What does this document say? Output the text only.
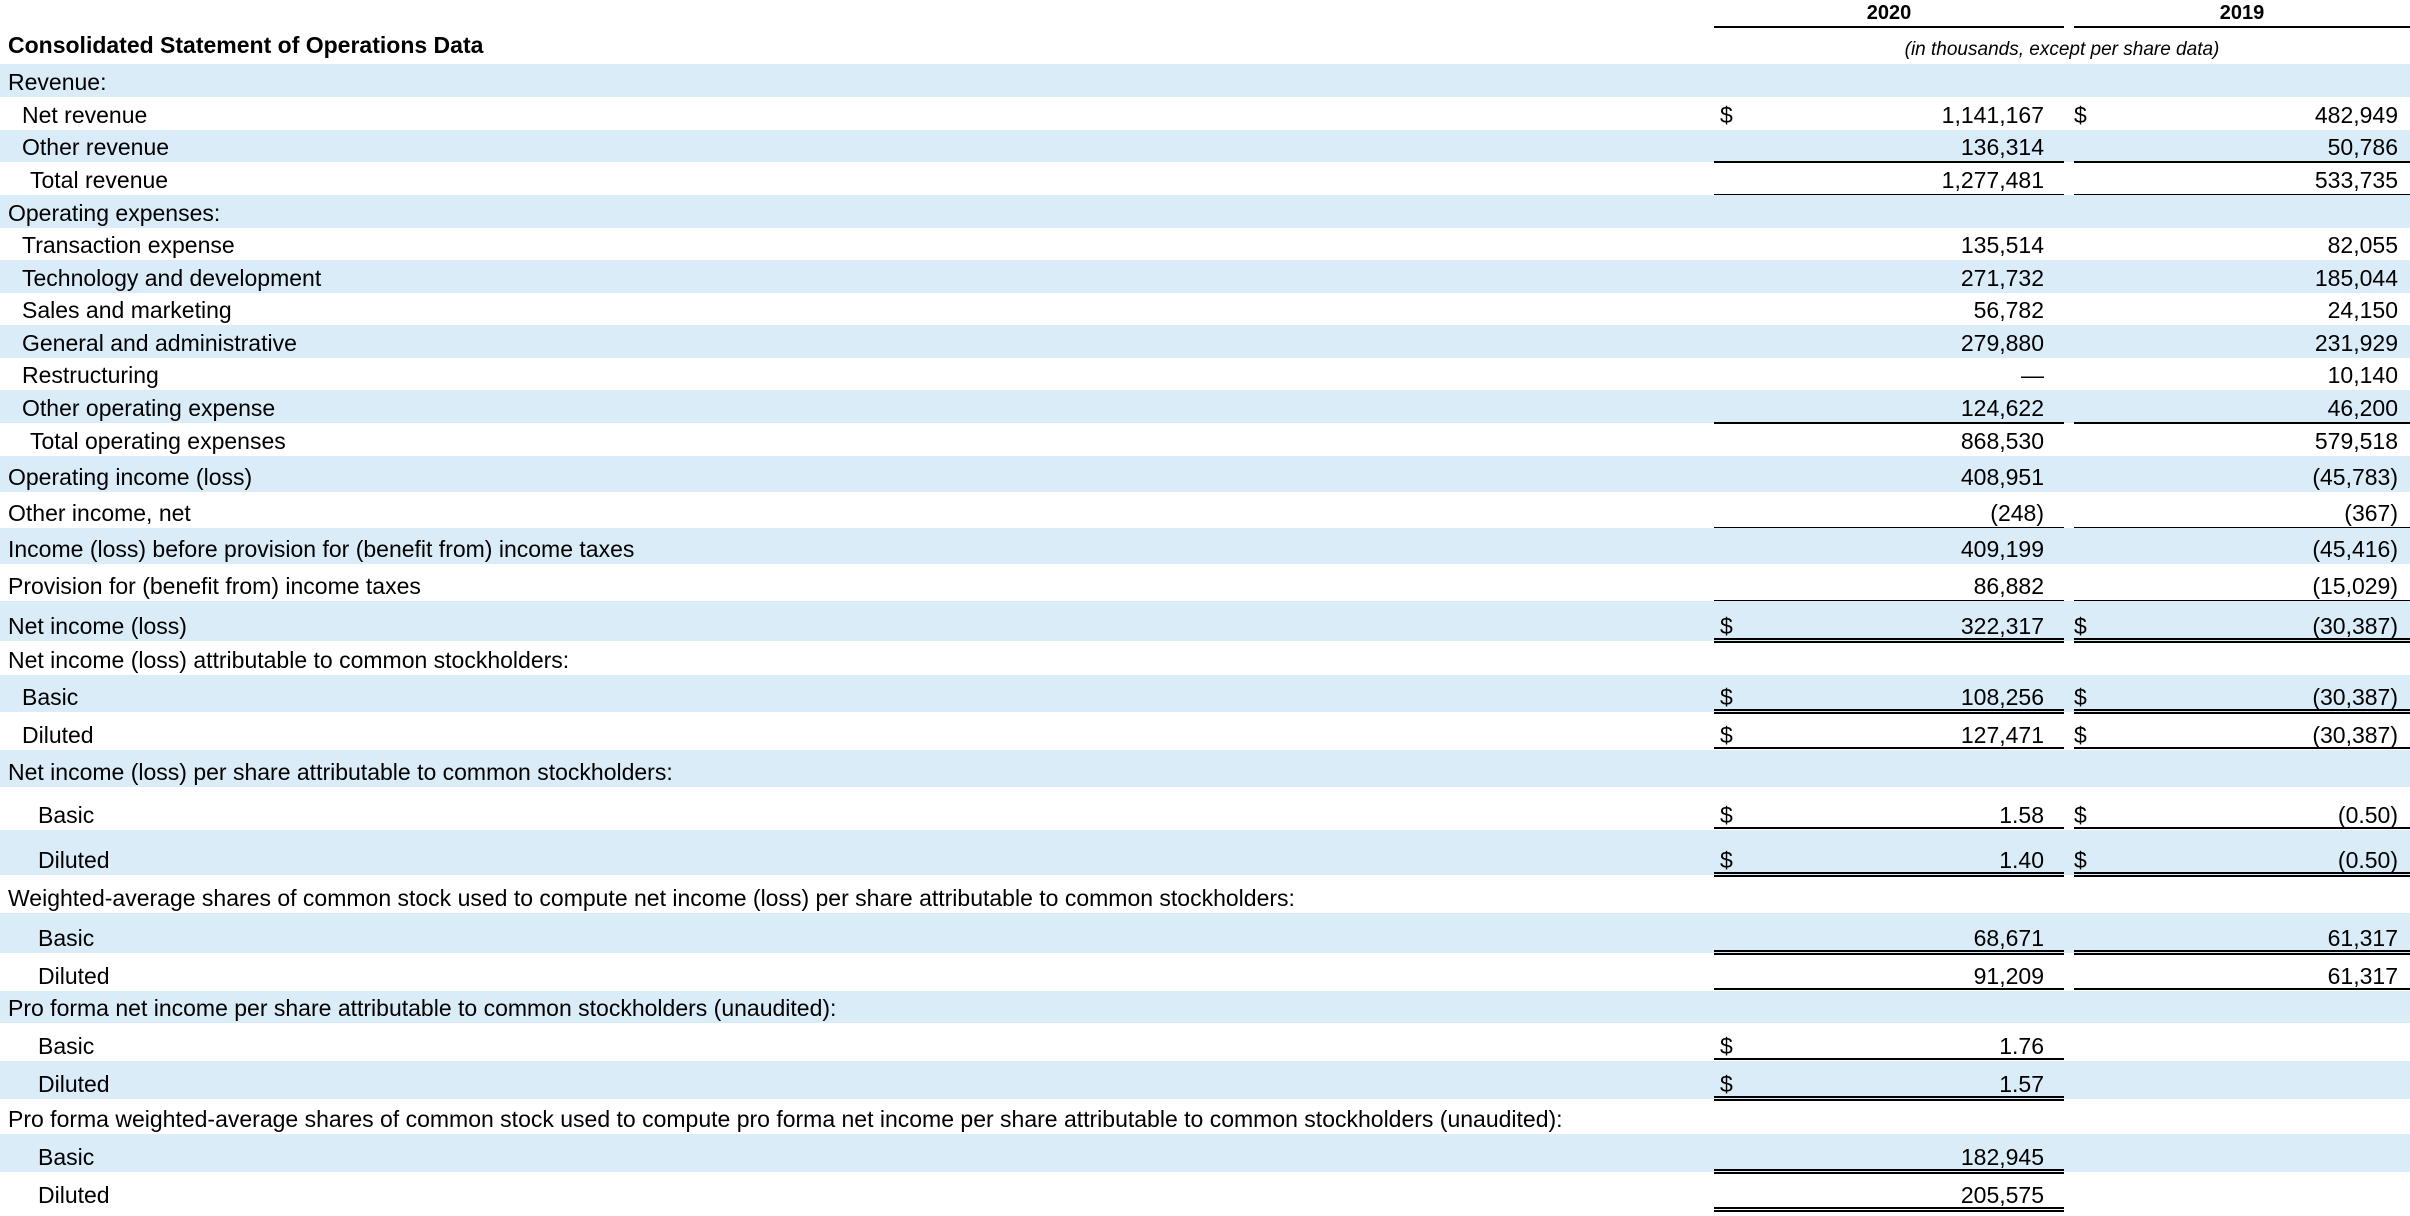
2020	2019
(in thousands, except per share data)
Consolidated Statement of Operations Data
Revenue:
Net revenue	$	1,141,167 $	482,949
Other revenue	136,314	50,786
Total revenue	1,277,481	533,735
Operating expenses:
Transaction expense	135,514	82,055
Technology and development	271,732	185,044
Sales and marketing	56,782	24,150
General and administrative	279,880	231,929
Restructuring	—	10,140
Other operating expense	124,622	46,200
Total operating expenses	868,530	579,518
Operating income (loss)	408,951	(45,783)
Other income, net	(248)	(367)
Income (loss) before provision for (benefit from) income taxes	409,199	(45,416)
Provision for (benefit from) income taxes	86,882	(15,029)
Net income (loss)	$	322,317 $	(30,387)
Net income (loss) attributable to common stockholders:
Basic	$	108,256 $	(30,387)
Diluted	$	127,471 $	(30,387)
Net income (loss) per share attributable to common stockholders:
Basic	$	1.58 $	(0.50)
Diluted	$	1.40 $	(0.50)
Weighted-average shares of common stock used to compute net income (loss) per share attributable to common stockholders:
Basic	68,671	61,317
Diluted	91,209	61,317
Pro forma net income per share attributable to common stockholders (unaudited):
Basic	$	1.76
Diluted	$	1.57
Pro forma weighted-average shares of common stock used to compute pro forma net income per share attributable to common stockholders (unaudited):
Basic	182,945
Diluted	205,575
